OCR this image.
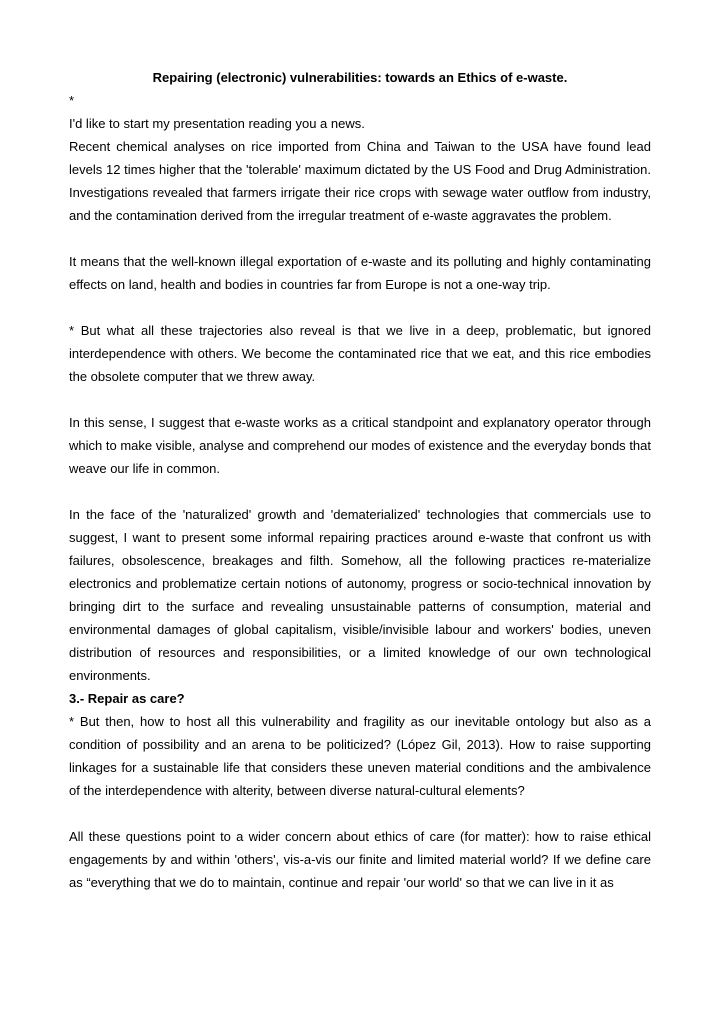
Repairing (electronic) vulnerabilities: towards an Ethics of e-waste.

*

I'd like to start my presentation reading you a news.

Recent chemical analyses on rice imported from China and Taiwan to the USA have found lead levels 12 times higher that the 'tolerable' maximum dictated by the US Food and Drug Administration. Investigations revealed that farmers irrigate their rice crops with sewage water outflow from industry, and the contamination derived from the irregular treatment of e-waste aggravates the problem.

It means that the well-known illegal exportation of e-waste and its polluting and highly contaminating effects on land, health and bodies in countries far from Europe is not a one-way trip.

* But what all these trajectories also reveal is that we live in a deep, problematic, but ignored interdependence with others. We become the contaminated rice that we eat, and this rice embodies the obsolete computer that we threw away.

In this sense, I suggest that e-waste works as a critical standpoint and explanatory operator through which to make visible, analyse and comprehend our modes of existence and the everyday bonds that weave our life in common.

In the face of the 'naturalized' growth and 'dematerialized' technologies that commercials use to suggest, I want to present some informal repairing practices around e-waste that confront us with failures, obsolescence, breakages and filth. Somehow, all the following practices re-materialize electronics and problematize certain notions of autonomy, progress or socio-technical innovation by bringing dirt to the surface and revealing unsustainable patterns of consumption, material and environmental damages of global capitalism, visible/invisible labour and workers' bodies, uneven distribution of resources and responsibilities, or a limited knowledge of our own technological environments.

3.- Repair as care?

* But then, how to host all this vulnerability and fragility as our inevitable ontology but also as a condition of possibility and an arena to be politicized? (López Gil, 2013). How to raise supporting linkages for a sustainable life that considers these uneven material conditions and the ambivalence of the interdependence with alterity, between diverse natural-cultural elements?

All these questions point to a wider concern about ethics of care (for matter): how to raise ethical engagements by and within 'others', vis-a-vis our finite and limited material world? If we define care as “everything that we do to maintain, continue and repair 'our world' so that we can live in it as
